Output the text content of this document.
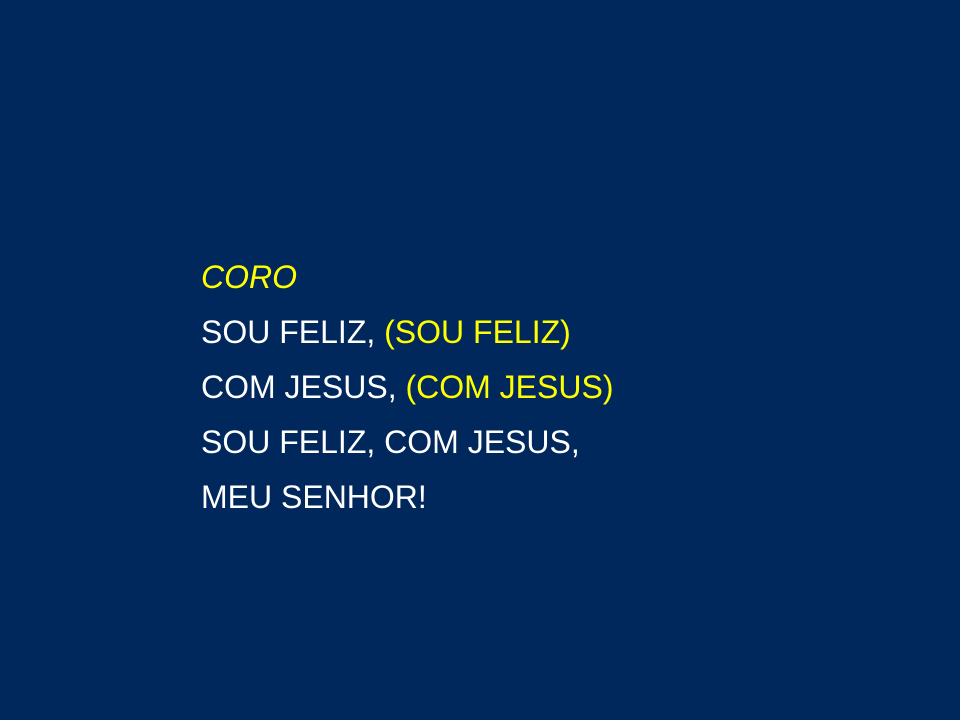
CORO
SOU FELIZ, (SOU FELIZ)
COM JESUS, (COM JESUS)
SOU FELIZ, COM JESUS,
MEU SENHOR!
